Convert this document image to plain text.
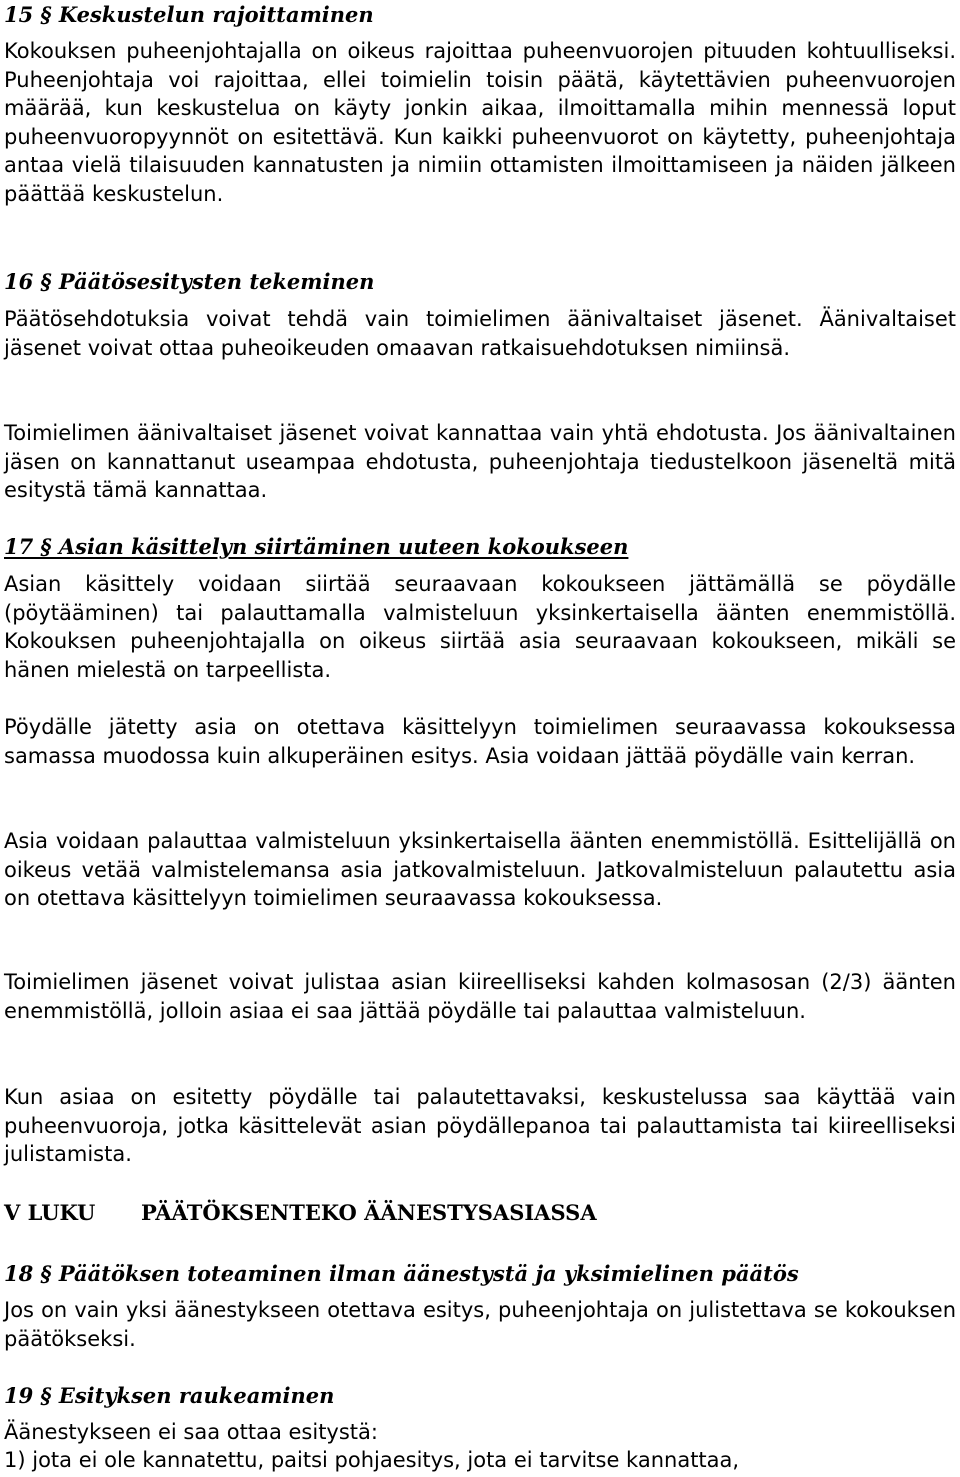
15 § Keskustelun rajoittaminen

Kokouksen puheenjohtajalla on oikeus rajoittaa puheenvuorojen pituuden kohtuulliseksi. Puheenjohtaja voi rajoittaa, ellei toimielin toisin päätä, käytettävien puheenvuorojen määrää, kun keskustelua on käyty jonkin aikaa, ilmoittamalla mihin mennessä loput puheenvuoropyynnöt on esitettävä. Kun kaikki puheenvuorot on käytetty, puheenjohtaja antaa vielä tilaisuuden kannatusten ja nimiin ottamisten ilmoittamiseen ja näiden jälkeen päättää keskustelun.

16 § Päätösesitysten tekeminen

Päätösehdotuksia voivat tehdä vain toimielimen äänivaltaiset jäsenet. Äänivaltaiset jäsenet voivat ottaa puheoikeuden omaavan ratkaisuehdotuksen nimiinsä.

Toimielimen äänivaltaiset jäsenet voivat kannattaa vain yhtä ehdotusta. Jos äänivaltainen jäsen on kannattanut useampaa ehdotusta, puheenjohtaja tiedustelkoon jäseneltä mitä esitystä tämä kannattaa.

17 § Asian käsittelyn siirtäminen uuteen kokoukseen

Asian käsittely voidaan siirtää seuraavaan kokoukseen jättämällä se pöydälle (pöytääminen) tai palauttamalla valmisteluun yksinkertaisella äänten enemmistöllä. Kokouksen puheenjohtajalla on oikeus siirtää asia seuraavaan kokoukseen, mikäli se hänen mielestä on tarpeellista.

Pöydälle jätetty asia on otettava käsittelyyn toimielimen seuraavassa kokouksessa samassa muodossa kuin alkuperäinen esitys. Asia voidaan jättää pöydälle vain kerran.

Asia voidaan palauttaa valmisteluun yksinkertaisella äänten enemmistöllä. Esittelijällä on oikeus vetää valmistelemansa asia jatkovalmisteluun. Jatkovalmisteluun palautettu asia on otettava käsittelyyn toimielimen seuraavassa kokouksessa.

Toimielimen jäsenet voivat julistaa asian kiireelliseksi kahden kolmasosan (2/3) äänten enemmistöllä, jolloin asiaa ei saa jättää pöydälle tai palauttaa valmisteluun.

Kun asiaa on esitetty pöydälle tai palautettavaksi, keskustelussa saa käyttää vain puheenvuoroja, jotka käsittelevät asian pöydällepanoa tai palauttamista tai kiireelliseksi julistamista.

V LUKU PÄÄTÖKSENTEKO ÄÄNESTYSASIASSA
18 § Päätöksen toteaminen ilman äänestystä ja yksimielinen päätös

Jos on vain yksi äänestykseen otettava esitys, puheenjohtaja on julistettava se kokouksen päätökseksi.

19 § Esityksen raukeaminen

Äänestykseen ei saa ottaa esitystä:

1) jota ei ole kannatettu, paitsi pohjaesitys, jota ei tarvitse kannattaa,
